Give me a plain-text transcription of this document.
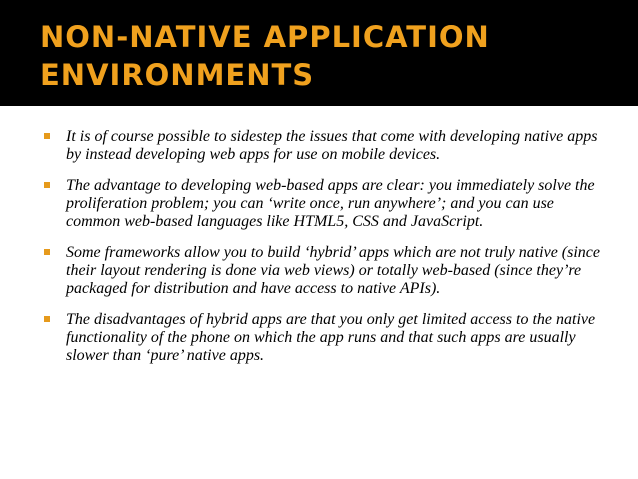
NON-NATIVE APPLICATION
ENVIRONMENTS
It is of course possible to sidestep the issues that come with developing native apps by instead developing web apps for use on mobile devices.
The advantage to developing web-based apps are clear: you immediately solve the proliferation problem; you can ‘write once, run anywhere’; and you can use common web-based languages like HTML5, CSS and JavaScript.
Some frameworks allow you to build ‘hybrid’ apps which are not truly native (since their layout rendering is done via web views) or totally web-based (since they’re packaged for distribution and have access to native APIs).
The disadvantages of hybrid apps are that you only get limited access to the native functionality of the phone on which the app runs and that such apps are usually slower than ‘pure’ native apps.
